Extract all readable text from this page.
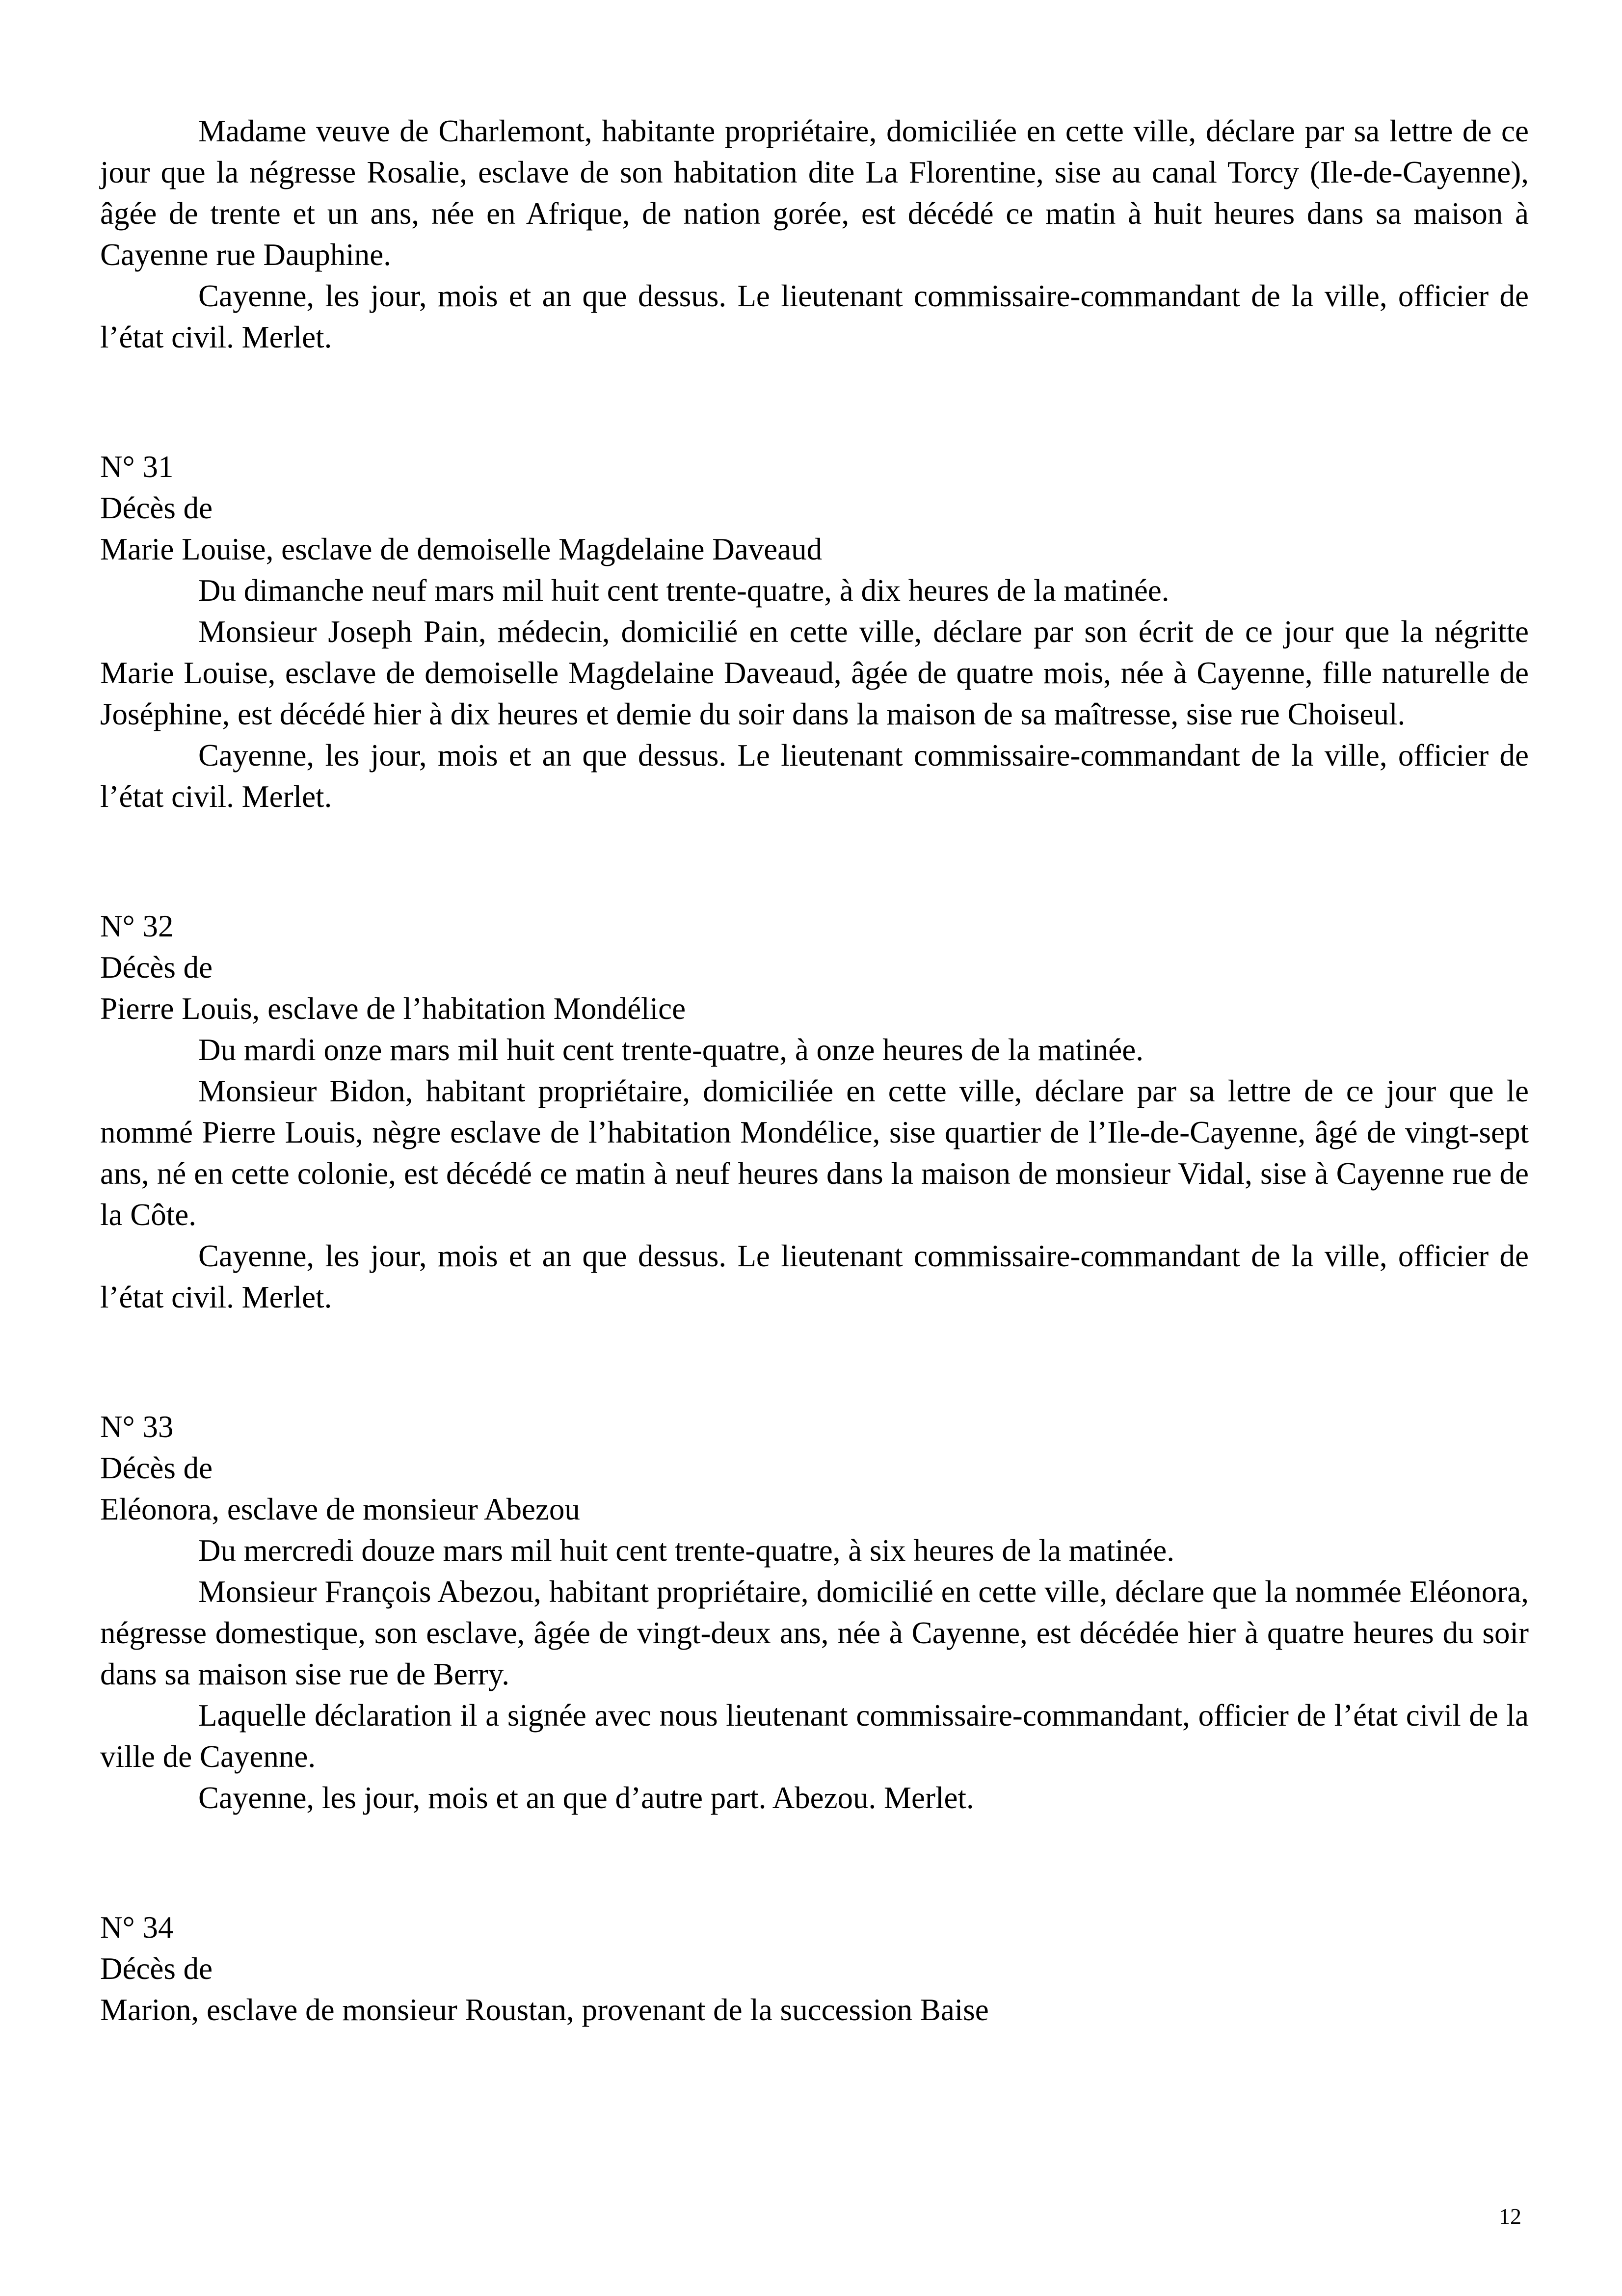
Madame veuve de Charlemont, habitante propriétaire, domiciliée en cette ville, déclare par sa lettre de ce jour que la négresse Rosalie, esclave de son habitation dite La Florentine, sise au canal Torcy (Ile-de-Cayenne), âgée de trente et un ans, née en Afrique, de nation gorée, est décédé ce matin à huit heures dans sa maison à Cayenne rue Dauphine.

Cayenne, les jour, mois et an que dessus. Le lieutenant commissaire-commandant de la ville, officier de l’état civil. Merlet.

N° 31
Décès de
Marie Louise, esclave de demoiselle Magdelaine Daveaud

Du dimanche neuf mars mil huit cent trente-quatre, à dix heures de la matinée.

Monsieur Joseph Pain, médecin, domicilié en cette ville, déclare par son écrit de ce jour que la négritte Marie Louise, esclave de demoiselle Magdelaine Daveaud, âgée de quatre mois, née à Cayenne, fille naturelle de Joséphine, est décédé hier à dix heures et demie du soir dans la maison de sa maîtresse, sise rue Choiseul.

Cayenne, les jour, mois et an que dessus. Le lieutenant commissaire-commandant de la ville, officier de l’état civil. Merlet.

N° 32
Décès de
Pierre Louis, esclave de l’habitation Mondélice

Du mardi onze mars mil huit cent trente-quatre, à onze heures de la matinée.

Monsieur Bidon, habitant propriétaire, domiciliée en cette ville, déclare par sa lettre de ce jour que le nommé Pierre Louis, nègre esclave de l’habitation Mondélice, sise quartier de l’Ile-de-Cayenne, âgé de vingt-sept ans, né en cette colonie, est décédé ce matin à neuf heures dans la maison de monsieur Vidal, sise à Cayenne rue de la Côte.

Cayenne, les jour, mois et an que dessus. Le lieutenant commissaire-commandant de la ville, officier de l’état civil. Merlet.

N° 33
Décès de
Eléonora, esclave de monsieur Abezou

Du mercredi douze mars mil huit cent trente-quatre, à six heures de la matinée.

Monsieur François Abezou, habitant propriétaire, domicilié en cette ville, déclare que la nommée Eléonora, négresse domestique, son esclave, âgée de vingt-deux ans, née à Cayenne, est décédée hier à quatre heures du soir dans sa maison sise rue de Berry.

Laquelle déclaration il a signée avec nous lieutenant commissaire-commandant, officier de l’état civil de la ville de Cayenne.

Cayenne, les jour, mois et an que d’autre part. Abezou. Merlet.

N° 34
Décès de
Marion, esclave de monsieur Roustan, provenant de la succession Baise
12
